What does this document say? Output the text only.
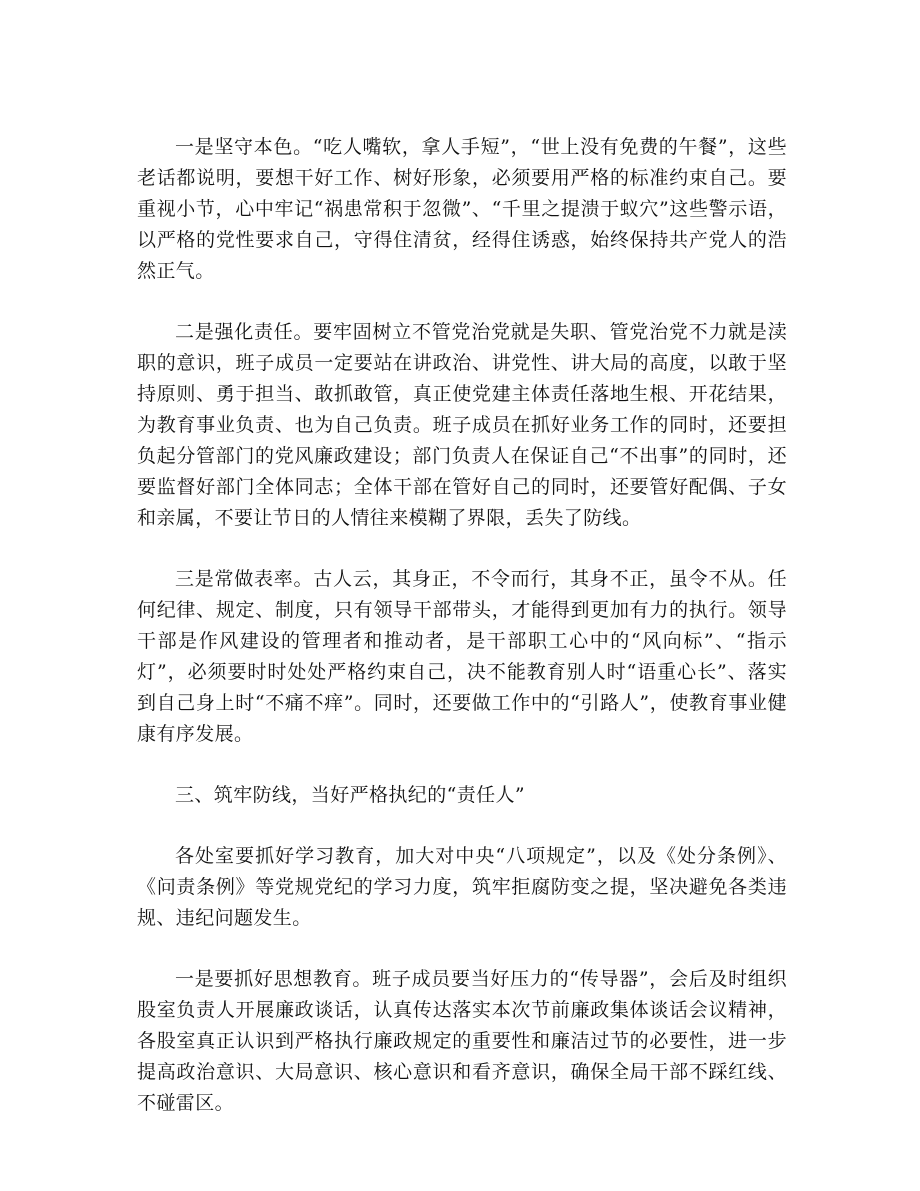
一是坚守本色。“吃人嘴软，拿人手短”，“世上没有免费的午餐”，这些老话都说明，要想干好工作、树好形象，必须要用严格的标准约束自己。要重视小节，心中牢记“祸患常积于忽微”、“千里之提溃于蚁穴”这些警示语，以严格的党性要求自己，守得住清贫，经得住诱惑，始终保持共产党人的浩然正气。

二是强化责任。要牢固树立不管党治党就是失职、管党治党不力就是渎职的意识，班子成员一定要站在讲政治、讲党性、讲大局的高度，以敢于坚持原则、勇于担当、敢抓敢管，真正使党建主体责任落地生根、开花结果，为教育事业负责、也为自己负责。班子成员在抓好业务工作的同时，还要担负起分管部门的党风廉政建设；部门负责人在保证自己“不出事”的同时，还要监督好部门全体同志；全体干部在管好自己的同时，还要管好配偶、子女和亲属，不要让节日的人情往来模糊了界限，丢失了防线。

三是常做表率。古人云，其身正，不令而行，其身不正，虽令不从。任何纪律、规定、制度，只有领导干部带头，才能得到更加有力的执行。领导干部是作风建设的管理者和推动者，是干部职工心中的“风向标”、“指示灯”，必须要时时处处严格约束自己，决不能教育别人时“语重心长”、落实到自己身上时“不痛不痒”。同时，还要做工作中的“引路人”，使教育事业健康有序发展。

三、筑牢防线，当好严格执纪的“责任人”

各处室要抓好学习教育，加大对中央“八项规定”，以及《处分条例》、《问责条例》等党规党纪的学习力度，筑牢拒腐防变之提，坚决避免各类违规、违纪问题发生。

一是要抓好思想教育。班子成员要当好压力的“传导器”，会后及时组织股室负责人开展廉政谈话，认真传达落实本次节前廉政集体谈话会议精神，各股室真正认识到严格执行廉政规定的重要性和廉洁过节的必要性，进一步提高政治意识、大局意识、核心意识和看齐意识，确保全局干部不踩红线、不碰雷区。
